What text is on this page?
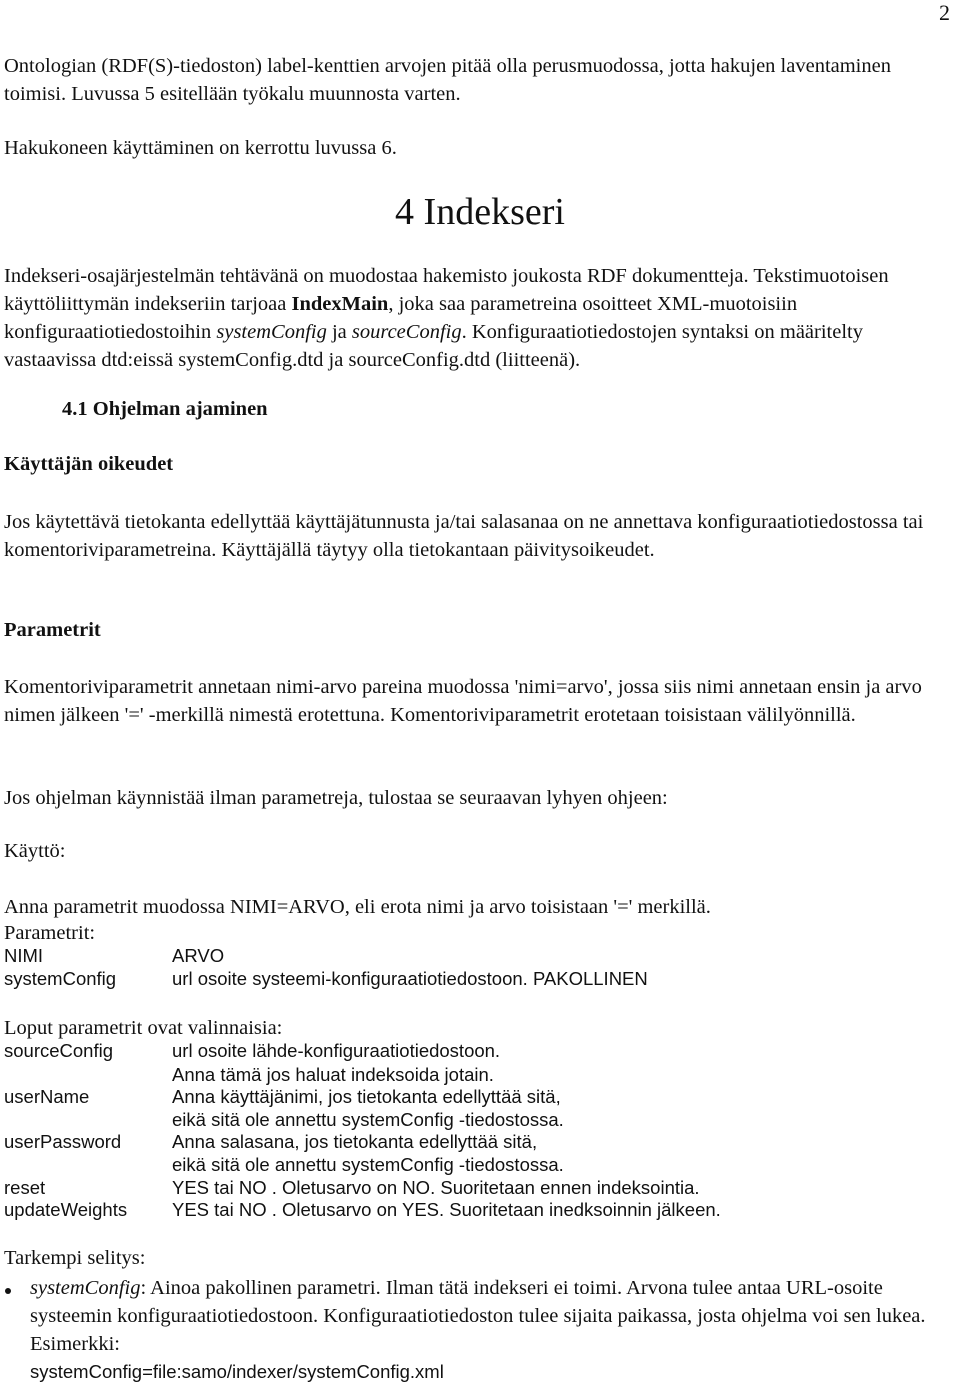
2

Ontologian (RDF(S)-tiedoston) label-kenttien arvojen pitää olla perusmuodossa, jotta hakujen laventaminen toimisi. Luvussa 5 esitellään työkalu muunnosta varten.

Hakukoneen käyttäminen on kerrottu luvussa 6.

4 Indekseri

Indekseri-osajärjestelmän tehtävänä on muodostaa hakemisto joukosta RDF dokumentteja. Tekstimuotoisen käyttöliittymän indekseriin tarjoaa IndexMain, joka saa parametreina osoitteet XML-muotoisiin konfiguraatiotiedostoihin systemConfig ja sourceConfig. Konfiguraatiotiedostojen syntaksi on määritelty vastaavissa dtd:eissä systemConfig.dtd ja sourceConfig.dtd (liitteenä).

4.1 Ohjelman ajaminen
Käyttäjän oikeudet

Jos käytettävä tietokanta edellyttää käyttäjätunnusta ja/tai salasanaa on ne annettava konfiguraatiotiedostossa tai komentoriviparametreina. Käyttäjällä täytyy olla tietokantaan päivitysoikeudet.

Parametrit

Komentoriviparametrit annetaan nimi-arvo pareina muodossa 'nimi=arvo', jossa siis nimi annetaan ensin ja arvo nimen jälkeen '=' -merkillä nimestä erotettuna. Komentoriviparametrit erotetaan toisistaan välilyönnillä.

Jos ohjelman käynnistää ilman parametreja, tulostaa se seuraavan lyhyen ohjeen:

Käyttö:

Anna parametrit muodossa NIMI=ARVO, eli erota nimi ja arvo toisistaan '=' merkillä.

Parametrit:

NIMI	ARVO
systemConfig	url osoite systeemi-konfiguraatiotiedostoon. PAKOLLINEN

Loput parametrit ovat valinnaisia:

sourceConfig	url osoite lähde-konfiguraatiotiedostoon.
Anna tämä jos haluat indeksoida jotain.
userName	Anna käyttäjänimi, jos tietokanta edellyttää sitä,
eikä sitä ole annettu systemConfig -tiedostossa.
userPassword	Anna salasana, jos tietokanta edellyttää sitä,
eikä sitä ole annettu systemConfig -tiedostossa.
reset	YES tai NO . Oletusarvo on NO. Suoritetaan ennen indeksointia.
updateWeights YES tai NO . Oletusarvo on YES. Suoritetaan inedksoinnin jälkeen.

Tarkempi selitys:

systemConfig: Ainoa pakollinen parametri. Ilman tätä indekseri ei toimi. Arvona tulee antaa URL-osoite systeemin konfiguraatiotiedostoon. Konfiguraatiotiedoston tulee sijaita paikassa, josta ohjelma voi sen lukea. Esimerkki:
systemConfig=file:samo/indexer/systemConfig.xml
